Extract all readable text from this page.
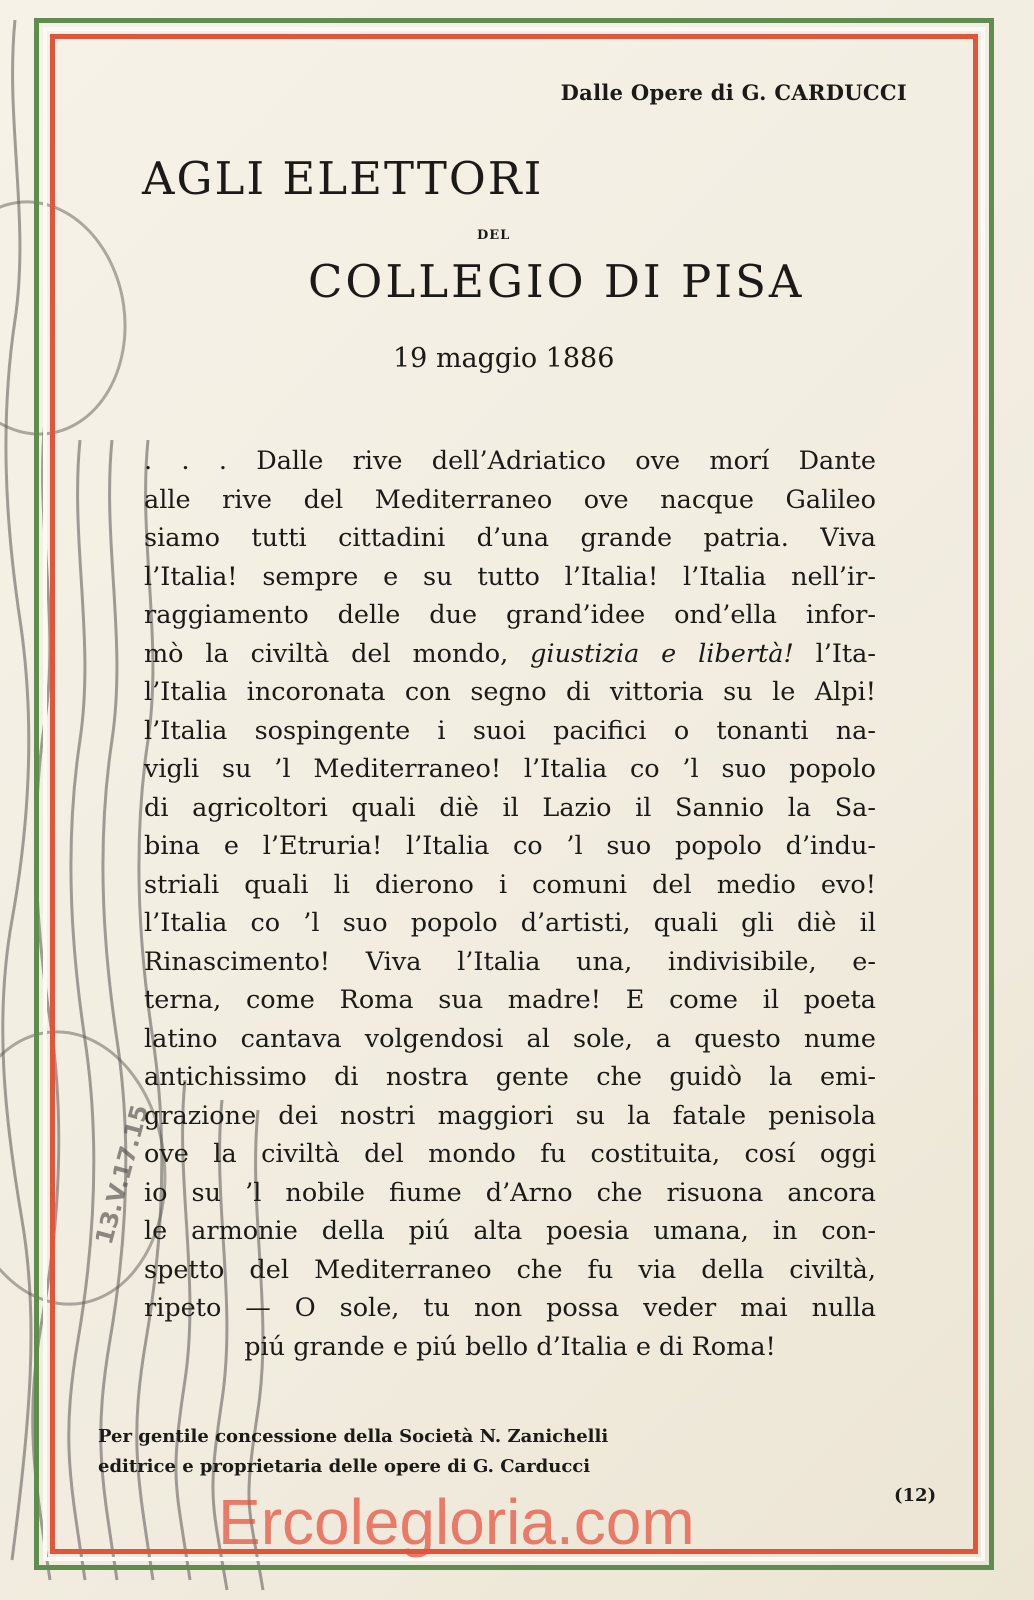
13.V.17.15
Dalle Opere di G. CARDUCCI
AGLI ELETTORI
DEL
COLLEGIO DI PISA
19 maggio 1886
. . . Dalle rive dell’Adriatico ove morí Dante
alle rive del Mediterraneo ove nacque Galileo
siamo tutti cittadini d’una grande patria. Viva
l’Italia! sempre e su tutto l’Italia! l’Italia nell’ir-
raggiamento delle due grand’idee ond’ella infor-
mò la civiltà del mondo, giustizia e libertà! l’Ita-
l’Italia incoronata con segno di vittoria su le Alpi!
l’Italia sospingente i suoi pacifici o tonanti na-
vigli su ’l Mediterraneo! l’Italia co ’l suo popolo
di agricoltori quali diè il Lazio il Sannio la Sa-
bina e l’Etruria! l’Italia co ’l suo popolo d’indu-
striali quali li dierono i comuni del medio evo!
l’Italia co ’l suo popolo d’artisti, quali gli diè il
Rinascimento! Viva l’Italia una, indivisibile, e-
terna, come Roma sua madre! E come il poeta
latino cantava volgendosi al sole, a questo nume
antichissimo di nostra gente che guidò la emi-
grazione dei nostri maggiori su la fatale penisola
ove la civiltà del mondo fu costituita, cosí oggi
io su ’l nobile fiume d’Arno che risuona ancora
le armonie della piú alta poesia umana, in con-
spetto del Mediterraneo che fu via della civiltà,
ripeto — O sole, tu non possa veder mai nulla
piú grande e piú bello d’Italia e di Roma!
Per gentile concessione della Società N. Zanichelli
editrice e proprietaria delle opere di G. Carducci
(12)
Ercolegloria.com
